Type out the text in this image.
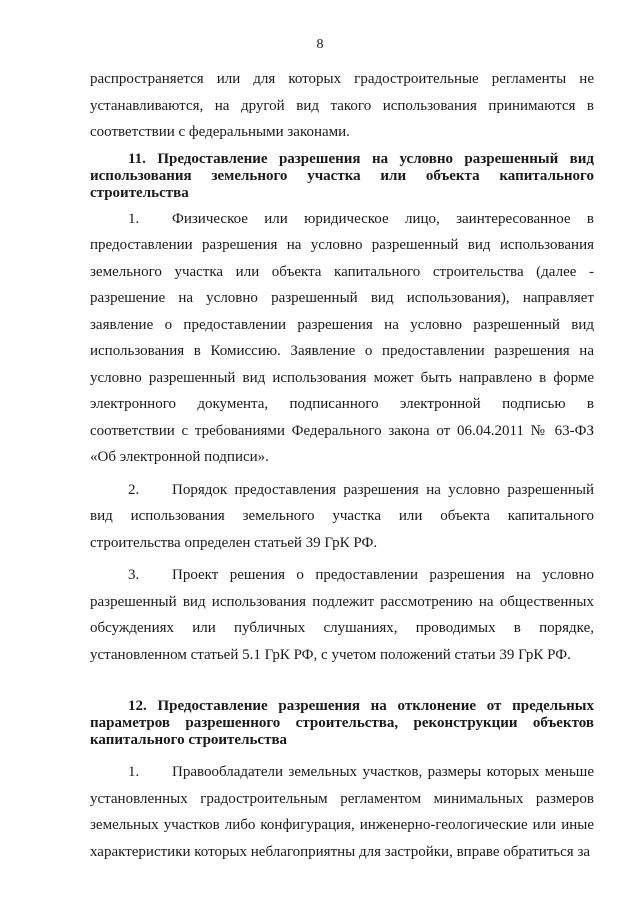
8

распространяется или для которых градостроительные регламенты не устанавливаются, на другой вид такого использования принимаются в соответствии с федеральными законами.

11. Предоставление разрешения на условно разрешенный вид использования земельного участка или объекта капитального строительства

1. Физическое или юридическое лицо, заинтересованное в предоставлении разрешения на условно разрешенный вид использования земельного участка или объекта капитального строительства (далее - разрешение на условно разрешенный вид использования), направляет заявление о предоставлении разрешения на условно разрешенный вид использования в Комиссию. Заявление о предоставлении разрешения на условно разрешенный вид использования может быть направлено в форме электронного документа, подписанного электронной подписью в соответствии с требованиями Федерального закона от 06.04.2011 № 63-ФЗ «Об электронной подписи».

2. Порядок предоставления разрешения на условно разрешенный вид использования земельного участка или объекта капитального строительства определен статьей 39 ГрК РФ.

3. Проект решения о предоставлении разрешения на условно разрешенный вид использования подлежит рассмотрению на общественных обсуждениях или публичных слушаниях, проводимых в порядке, установленном статьей 5.1 ГрК РФ, с учетом положений статьи 39 ГрК РФ.

12. Предоставление разрешения на отклонение от предельных параметров разрешенного строительства, реконструкции объектов капитального строительства

1. Правообладатели земельных участков, размеры которых меньше установленных градостроительным регламентом минимальных размеров земельных участков либо конфигурация, инженерно-геологические или иные характеристики которых неблагоприятны для застройки, вправе обратиться за
